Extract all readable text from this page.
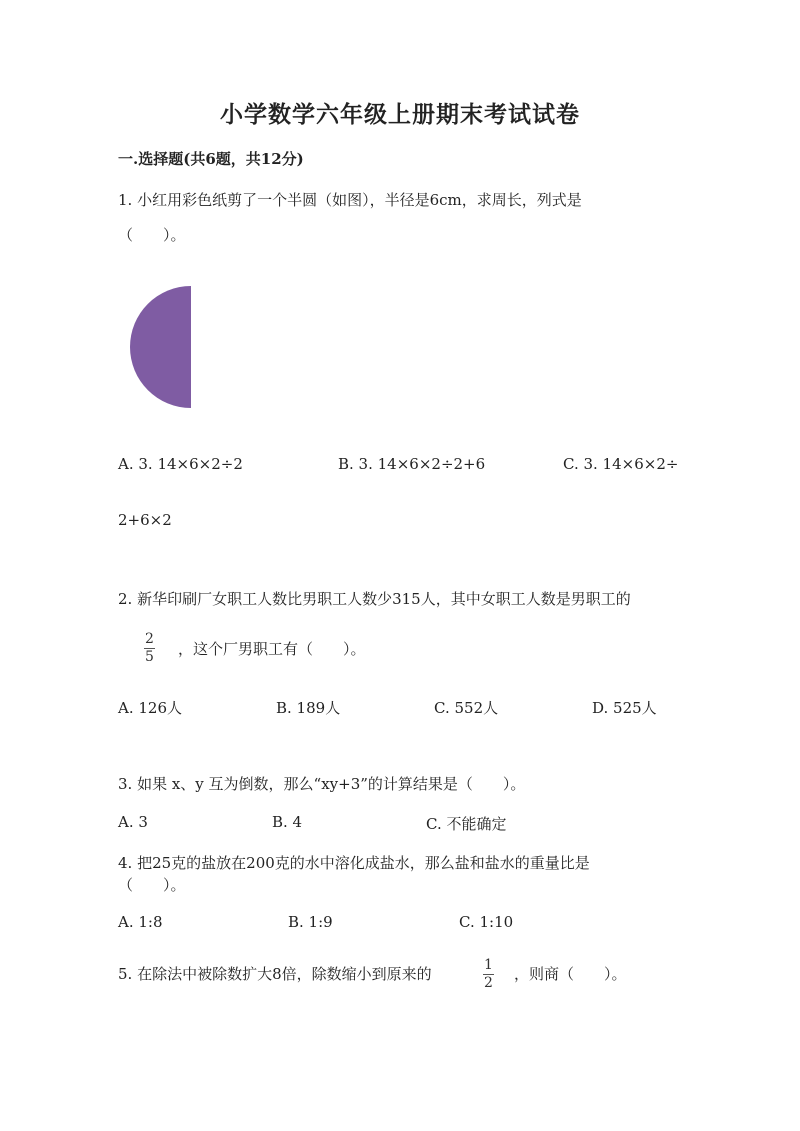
小学数学六年级上册期末考试试卷
一.选择题(共6题，共12分)
1. 小红用彩色纸剪了一个半圆（如图），半径是6cm，求周长，列式是
（　　）。
A. 3. 14×6×2÷2	B. 3. 14×6×2÷2+6	C. 3. 14×6×2÷
2+6×2
2. 新华印刷厂女职工人数比男职工人数少315人，其中女职工人数是男职工的
2
5 ，这个厂男职工有（　　）。
A. 126人	B. 189人	C. 552人	D. 525人
3. 如果 x、y 互为倒数，那么“xy+3”的计算结果是（　　）。
A. 3	B. 4	C. 不能确定
4. 把25克的盐放在200克的水中溶化成盐水，那么盐和盐水的重量比是
（　　）。
A. 1:8	B. 1:9	C. 1:10
5. 在除法中被除数扩大8倍，除数缩小到原来的	1
2 ，则商（　　）。
